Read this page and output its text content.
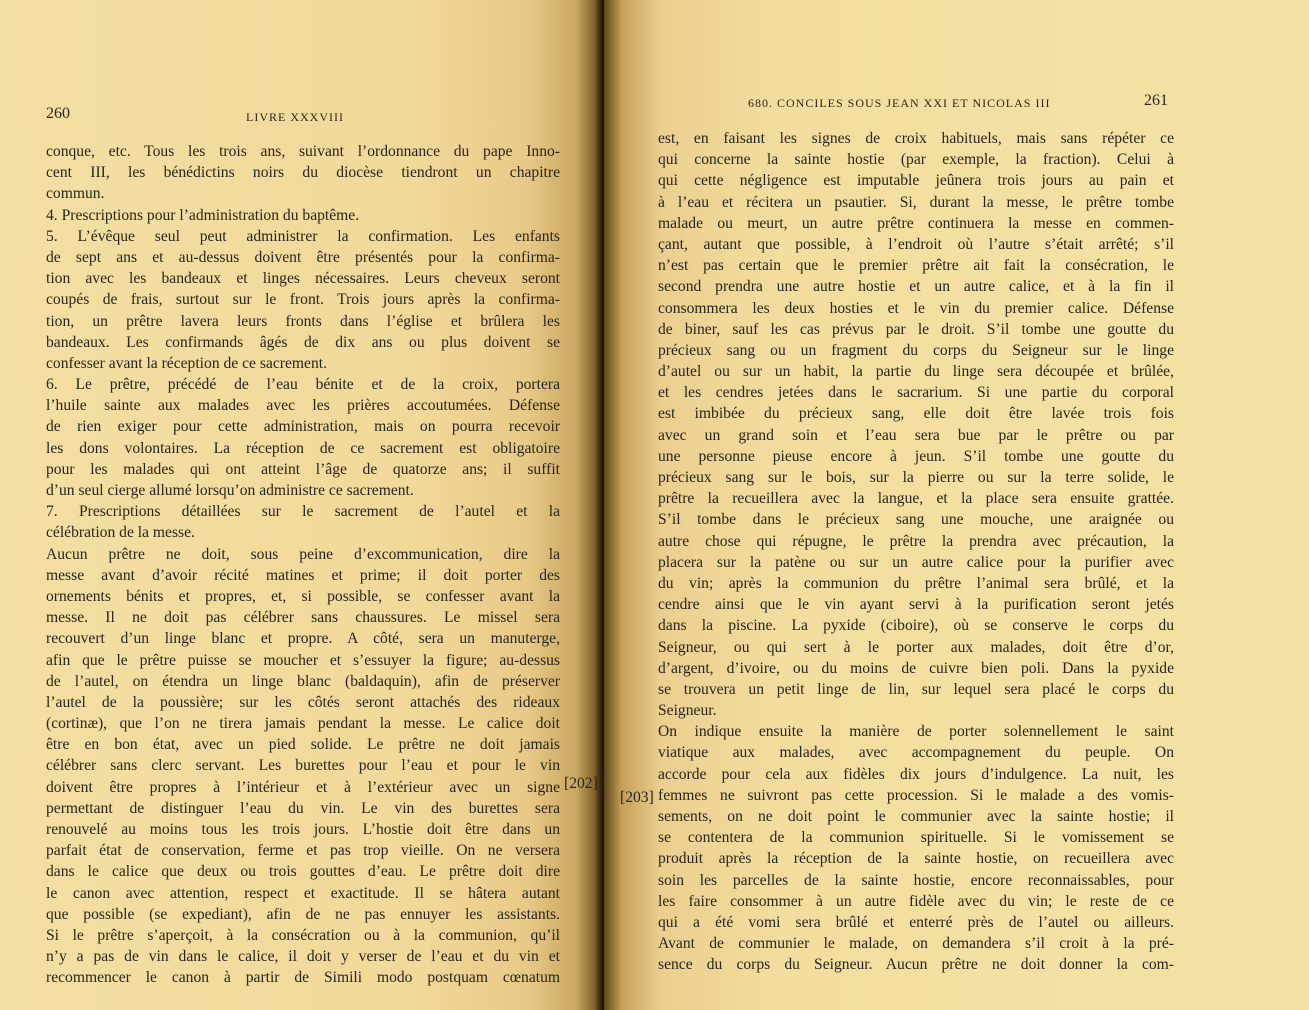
260	LIVRE XXXVIII
conque, etc. Tous les trois ans, suivant l’ordonnance du pape Inno-
cent III, les bénédictins noirs du diocèse tiendront un chapitre
commun.
4. Prescriptions pour l’administration du baptême.
5. L’évêque seul peut administrer la confirmation. Les enfants
de sept ans et au-dessus doivent être présentés pour la confirma-
tion avec les bandeaux et linges nécessaires. Leurs cheveux seront
coupés de frais, surtout sur le front. Trois jours après la confirma-
tion, un prêtre lavera leurs fronts dans l’église et brûlera les
bandeaux. Les confirmands âgés de dix ans ou plus doivent se
confesser avant la réception de ce sacrement.
6. Le prêtre, précédé de l’eau bénite et de la croix, portera
l’huile sainte aux malades avec les prières accoutumées. Défense
de rien exiger pour cette administration, mais on pourra recevoir
les dons volontaires. La réception de ce sacrement est obligatoire
pour les malades qui ont atteint l’âge de quatorze ans; il suffit
d’un seul cierge allumé lorsqu’on administre ce sacrement.
7. Prescriptions détaillées sur le sacrement de l’autel et la
célébration de la messe.
Aucun prêtre ne doit, sous peine d’excommunication, dire la
messe avant d’avoir récité matines et prime; il doit porter des
ornements bénits et propres, et, si possible, se confesser avant la
messe. Il ne doit pas célébrer sans chaussures. Le missel sera
recouvert d’un linge blanc et propre. A côté, sera un manuterge,
afin que le prêtre puisse se moucher et s’essuyer la figure; au-dessus
de l’autel, on étendra un linge blanc (baldaquin), afin de préserver
l’autel de la poussière; sur les côtés seront attachés des rideaux
(cortinæ), que l’on ne tirera jamais pendant la messe. Le calice doit
être en bon état, avec un pied solide. Le prêtre ne doit jamais
célébrer sans clerc servant. Les burettes pour l’eau et pour le vin
doivent être propres à l’intérieur et à l’extérieur avec un signe
permettant de distinguer l’eau du vin. Le vin des burettes sera
renouvelé au moins tous les trois jours. L’hostie doit être dans un
parfait état de conservation, ferme et pas trop vieille. On ne versera
dans le calice que deux ou trois gouttes d’eau. Le prêtre doit dire
le canon avec attention, respect et exactitude. Il se hâtera autant
que possible (se expediant), afin de ne pas ennuyer les assistants.
Si le prêtre s’aperçoit, à la consécration ou à la communion, qu’il
n’y a pas de vin dans le calice, il doit y verser de l’eau et du vin et
recommencer le canon à partir de Simili modo postquam cœnatum
680. CONCILES SOUS JEAN XXI ET NICOLAS III	261
est, en faisant les signes de croix habituels, mais sans répéter ce
qui concerne la sainte hostie (par exemple, la fraction). Celui à
qui cette négligence est imputable jeûnera trois jours au pain et
à l’eau et récitera un psautier. Si, durant la messe, le prêtre tombe
malade ou meurt, un autre prêtre continuera la messe en commen-
çant, autant que possible, à l’endroit où l’autre s’était arrêté; s’il
n’est pas certain que le premier prêtre ait fait la consécration, le
second prendra une autre hostie et un autre calice, et à la fin il
consommera les deux hosties et le vin du premier calice. Défense
de biner, sauf les cas prévus par le droit. S’il tombe une goutte du
précieux sang ou un fragment du corps du Seigneur sur le linge
d’autel ou sur un habit, la partie du linge sera découpée et brûlée,
et les cendres jetées dans le sacrarium. Si une partie du corporal
est imbibée du précieux sang, elle doit être lavée trois fois
avec un grand soin et l’eau sera bue par le prêtre ou par
une personne pieuse encore à jeun. S’il tombe une goutte du
précieux sang sur le bois, sur la pierre ou sur la terre solide, le
prêtre la recueillera avec la langue, et la place sera ensuite grattée.
S’il tombe dans le précieux sang une mouche, une araignée ou
autre chose qui répugne, le prêtre la prendra avec précaution, la
placera sur la patène ou sur un autre calice pour la purifier avec
du vin; après la communion du prêtre l’animal sera brûlé, et la
cendre ainsi que le vin ayant servi à la purification seront jetés
dans la piscine. La pyxide (ciboire), où se conserve le corps du
Seigneur, ou qui sert à le porter aux malades, doit être d’or,
d’argent, d’ivoire, ou du moins de cuivre bien poli. Dans la pyxide
se trouvera un petit linge de lin, sur lequel sera placé le corps du
Seigneur.
On indique ensuite la manière de porter solennellement le saint
viatique aux malades, avec accompagnement du peuple. On
accorde pour cela aux fidèles dix jours d’indulgence. La nuit, les
femmes ne suivront pas cette procession. Si le malade a des vomis-
sements, on ne doit point le communier avec la sainte hostie; il
se contentera de la communion spirituelle. Si le vomissement se
produit après la réception de la sainte hostie, on recueillera avec
soin les parcelles de la sainte hostie, encore reconnaissables, pour
les faire consommer à un autre fidèle avec du vin; le reste de ce
qui a été vomi sera brûlé et enterré près de l’autel ou ailleurs.
Avant de communier le malade, on demandera s’il croit à la pré-
sence du corps du Seigneur. Aucun prêtre ne doit donner la com-
[202]
[203]
